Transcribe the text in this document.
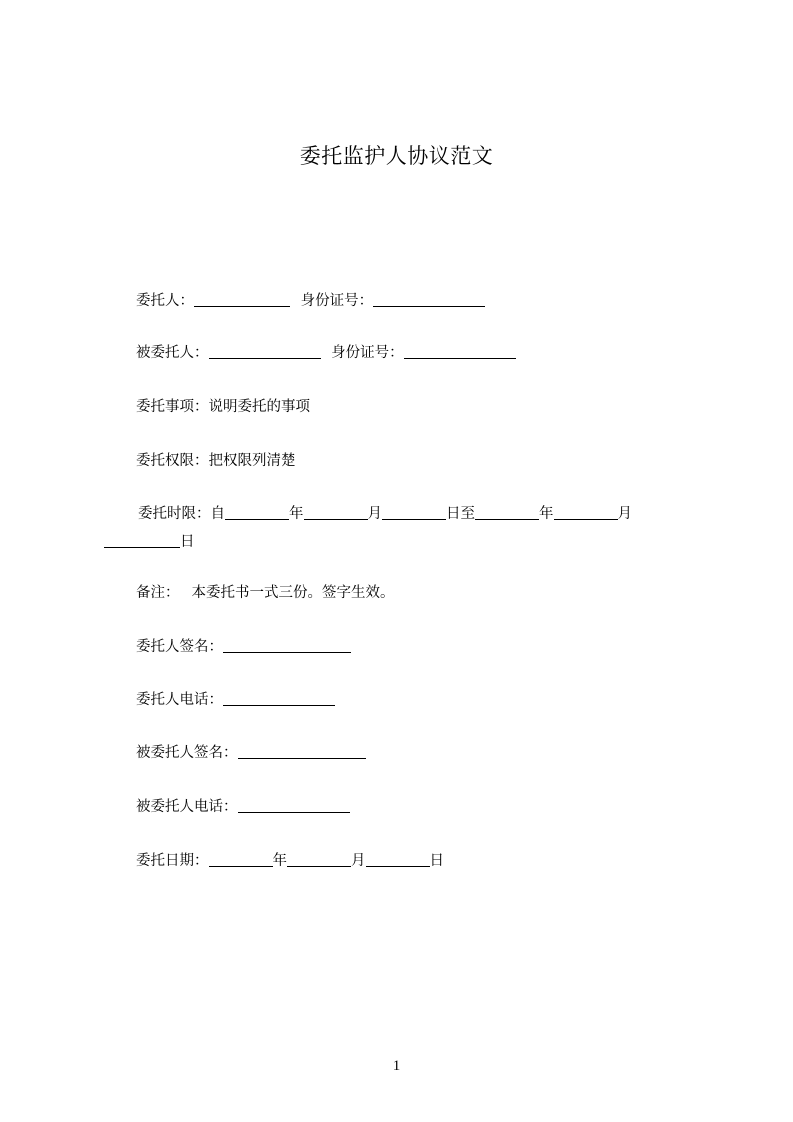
委托监护人协议范文
委托人：	身份证号：
被委托人：	身份证号：
委托事项：说明委托的事项
委托权限：把权限列清楚
委托时限：自	年	月	日至	年	月日
备注： 本委托书一式三份。签字生效。
委托人签名：
委托人电话：
被委托人签名：
被委托人电话：
委托日期：	年	月	日
1
